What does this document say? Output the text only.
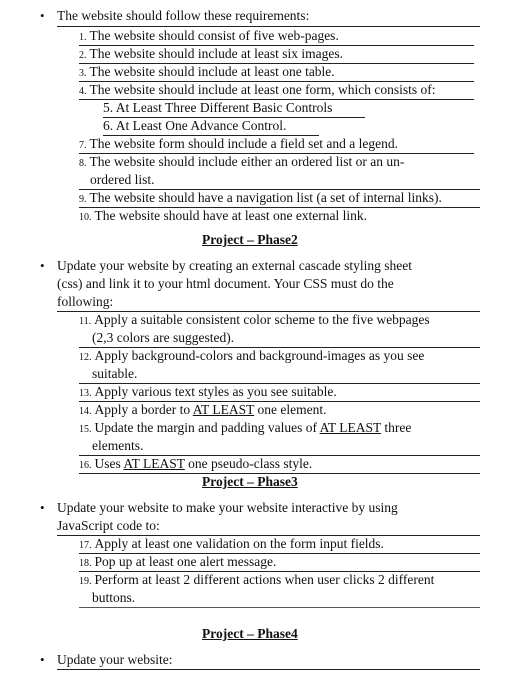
• The website should follow these requirements:
1. The website should consist of five web-pages.
2. The website should include at least six images.
3. The website should include at least one table.
4. The website should include at least one form, which consists of:
5. At Least Three Different Basic Controls
6. At Least One Advance Control.
7. The website form should include a field set and a legend.
8. The website should include either an ordered list or an un-
ordered list.
9. The website should have a navigation list (a set of internal links).
10. The website should have at least one external link.
Project – Phase2
• Update your website by creating an external cascade styling sheet
(css) and link it to your html document. Your CSS must do the
following:
11. Apply a suitable consistent color scheme to the five webpages
(2,3 colors are suggested).
12. Apply background-colors and background-images as you see
suitable.
13. Apply various text styles as you see suitable.
14. Apply a border to AT LEAST one element.
15. Update the margin and padding values of AT LEAST three
elements.
16. Uses AT LEAST one pseudo-class style.
Project – Phase3
• Update your website to make your website interactive by using
JavaScript code to:
17. Apply at least one validation on the form input fields.
18. Pop up at least one alert message.
19. Perform at least 2 different actions when user clicks 2 different
buttons.
Project – Phase4
• Update your website:
